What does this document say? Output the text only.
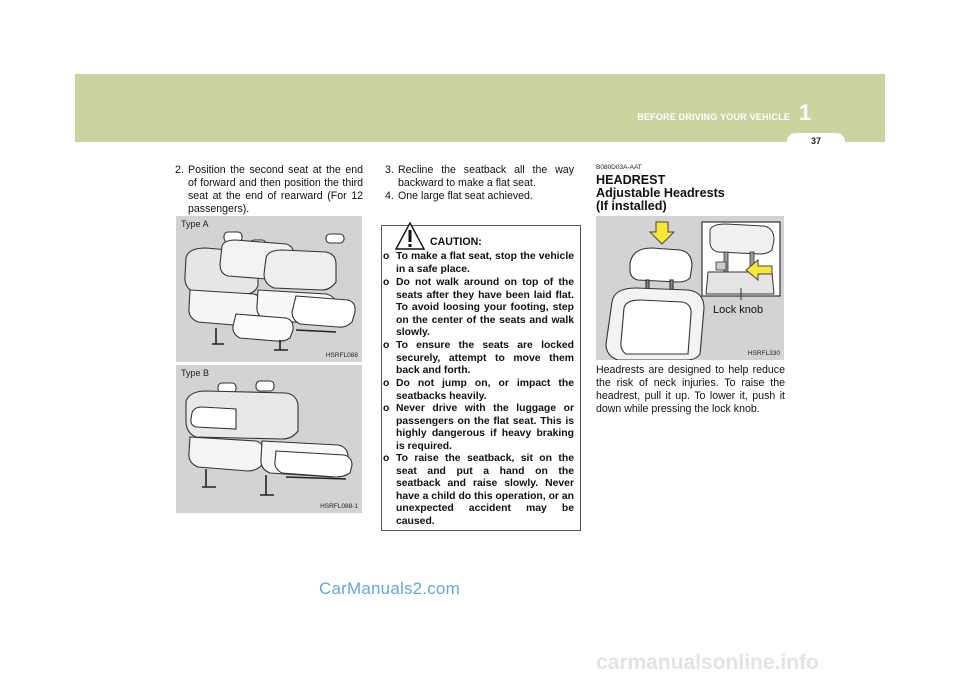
BEFORE DRIVING YOUR VEHICLE 1
37
2. Position the second seat at the end of forward and then position the third seat at the end of rearward (For 12 passengers).
Type A
HSRFL088
Type B
HSRFL088-1
3. Recline the seatback all the way backward to make a flat seat.
4. One large flat seat achieved.
CAUTION:
o To make a flat seat, stop the vehicle in a safe place.
o Do not walk around on top of the seats after they have been laid flat. To avoid loosing your footing, step on the center of the seats and walk slowly.
o To ensure the seats are locked securely, attempt to move them back and forth.
o Do not jump on, or impact the seatbacks heavily.
o Never drive with the luggage or passengers on the flat seat. This is highly dangerous if heavy braking is required.
o To raise the seatback, sit on the seat and put a hand on the seatback and raise slowly. Never have a child do this operation, or an unexpected accident may be caused.
B080D03A-AAT
HEADREST
Adjustable Headrests
(If installed)
Lock knob
HSRFL330
Headrests are designed to help reduce the risk of neck injuries. To raise the headrest, pull it up. To lower it, push it down while pressing the lock knob.
CarManuals2.com
carmanualsonline.info
